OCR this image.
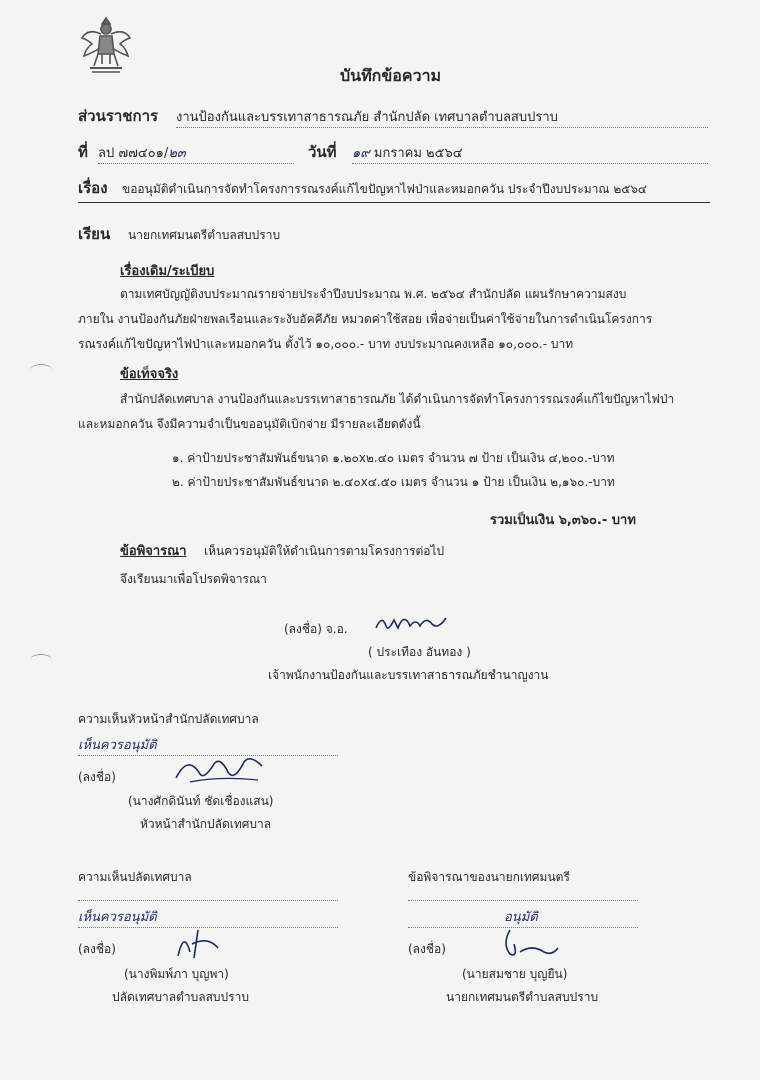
บันทึกข้อความ
ส่วนราชการ งานป้องกันและบรรเทาสาธารณภัย สำนักปลัด เทศบาลตำบลสบปราบ
ที่ ลป ๗๗๔๐๑/๒๓	วันที่ ๑๙ มกราคม ๒๕๖๔
เรื่อง ขออนุมัติดำเนินการจัดทำโครงการรณรงค์แก้ไขปัญหาไฟป่าและหมอกควัน ประจำปีงบประมาณ ๒๕๖๔
เรียน นายกเทศมนตรีตำบลสบปราบ
เรื่องเดิม/ระเบียบ
ตามเทศบัญญัติงบประมาณรายจ่ายประจำปีงบประมาณ พ.ศ. ๒๕๖๔ สำนักปลัด แผนรักษาความสงบ
ภายใน งานป้องกันภัยฝ่ายพลเรือนและระงับอัคคีภัย หมวดค่าใช้สอย เพื่อจ่ายเป็นค่าใช้จ่ายในการดำเนินโครงการ
รณรงค์แก้ไขปัญหาไฟป่าและหมอกควัน ตั้งไว้ ๑๐,๐๐๐.- บาท งบประมาณคงเหลือ ๑๐,๐๐๐.- บาท
ข้อเท็จจริง
สำนักปลัดเทศบาล งานป้องกันและบรรเทาสาธารณภัย ได้ดำเนินการจัดทำโครงการรณรงค์แก้ไขปัญหาไฟป่า
และหมอกควัน จึงมีความจำเป็นขออนุมัติเบิกจ่าย มีรายละเอียดดังนี้
๑. ค่าป้ายประชาสัมพันธ์ขนาด ๑.๒๐x๒.๔๐ เมตร จำนวน ๗ ป้าย เป็นเงิน ๔,๒๐๐.-บาท
๒. ค่าป้ายประชาสัมพันธ์ขนาด ๒.๔๐x๔.๕๐ เมตร จำนวน ๑ ป้าย เป็นเงิน ๒,๑๖๐.-บาท
รวมเป็นเงิน ๖,๓๖๐.- บาท
ข้อพิจารณา เห็นควรอนุมัติให้ดำเนินการตามโครงการต่อไป
จึงเรียนมาเพื่อโปรดพิจารณา
(ลงชื่อ) จ.อ.
( ประเทือง อันทอง )
เจ้าพนักงานป้องกันและบรรเทาสาธารณภัยชำนาญงาน
ความเห็นหัวหน้าสำนักปลัดเทศบาล
เห็นควรอนุมัติ
(ลงชื่อ)
(นางศักดินันท์ ชัดเชื่องแสน)
หัวหน้าสำนักปลัดเทศบาล
ความเห็นปลัดเทศบาล
เห็นควรอนุมัติ
(ลงชื่อ)
(นางพิมพ์ภา บุญพา)
ปลัดเทศบาลตำบลสบปราบ
ข้อพิจารณาของนายกเทศมนตรี
อนุมัติ
(ลงชื่อ)
(นายสมชาย บุญยืน)
นายกเทศมนตรีตำบลสบปราบ
